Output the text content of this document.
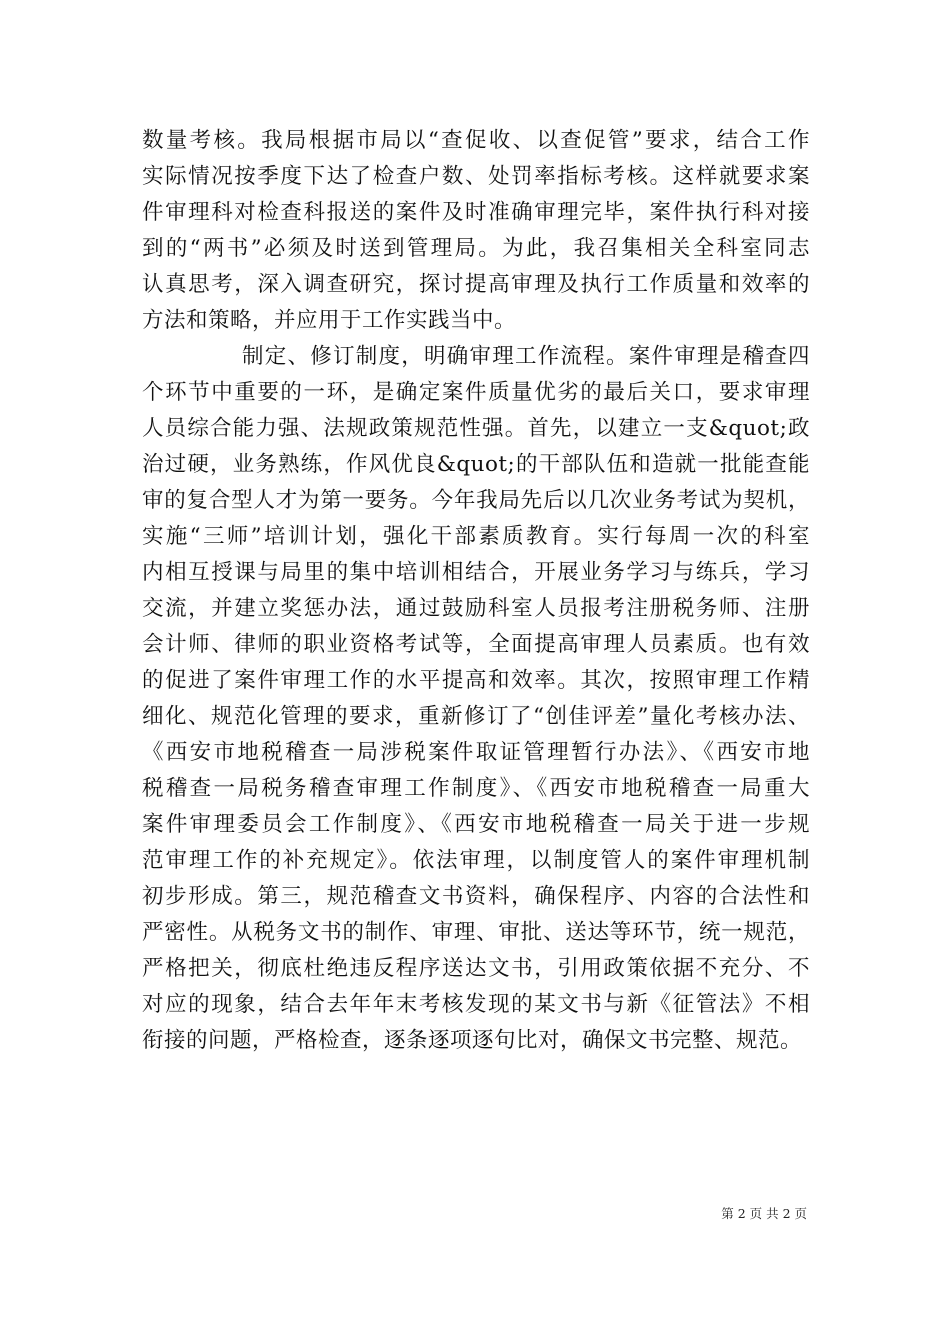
数量考核。我局根据市局以“查促收、以查促管”要求，结合工作
实际情况按季度下达了检查户数、处罚率指标考核。这样就要求案
件审理科对检查科报送的案件及时准确审理完毕，案件执行科对接
到的“两书”必须及时送到管理局。为此，我召集相关全科室同志
认真思考，深入调查研究，探讨提高审理及执行工作质量和效率的
方法和策略，并应用于工作实践当中。
制定、修订制度，明确审理工作流程。案件审理是稽查四
个环节中重要的一环，是确定案件质量优劣的最后关口，要求审理
人员综合能力强、法规政策规范性强。首先，以建立一支&quot;政
治过硬，业务熟练，作风优良&quot;的干部队伍和造就一批能查能
审的复合型人才为第一要务。今年我局先后以几次业务考试为契机，
实施“三师”培训计划，强化干部素质教育。实行每周一次的科室
内相互授课与局里的集中培训相结合，开展业务学习与练兵，学习
交流，并建立奖惩办法，通过鼓励科室人员报考注册税务师、注册
会计师、律师的职业资格考试等，全面提高审理人员素质。也有效
的促进了案件审理工作的水平提高和效率。其次，按照审理工作精
细化、规范化管理的要求，重新修订了“创佳评差”量化考核办法、
《西安市地税稽查一局涉税案件取证管理暂行办法》、《西安市地
税稽查一局税务稽查审理工作制度》、《西安市地税稽查一局重大
案件审理委员会工作制度》、《西安市地税稽查一局关于进一步规
范审理工作的补充规定》。依法审理，以制度管人的案件审理机制
初步形成。第三，规范稽查文书资料，确保程序、内容的合法性和
严密性。从税务文书的制作、审理、审批、送达等环节，统一规范，
严格把关，彻底杜绝违反程序送达文书，引用政策依据不充分、不
对应的现象，结合去年年末考核发现的某文书与新《征管法》不相
衔接的问题，严格检查，逐条逐项逐句比对，确保文书完整、规范。
第 2 页 共 2 页
